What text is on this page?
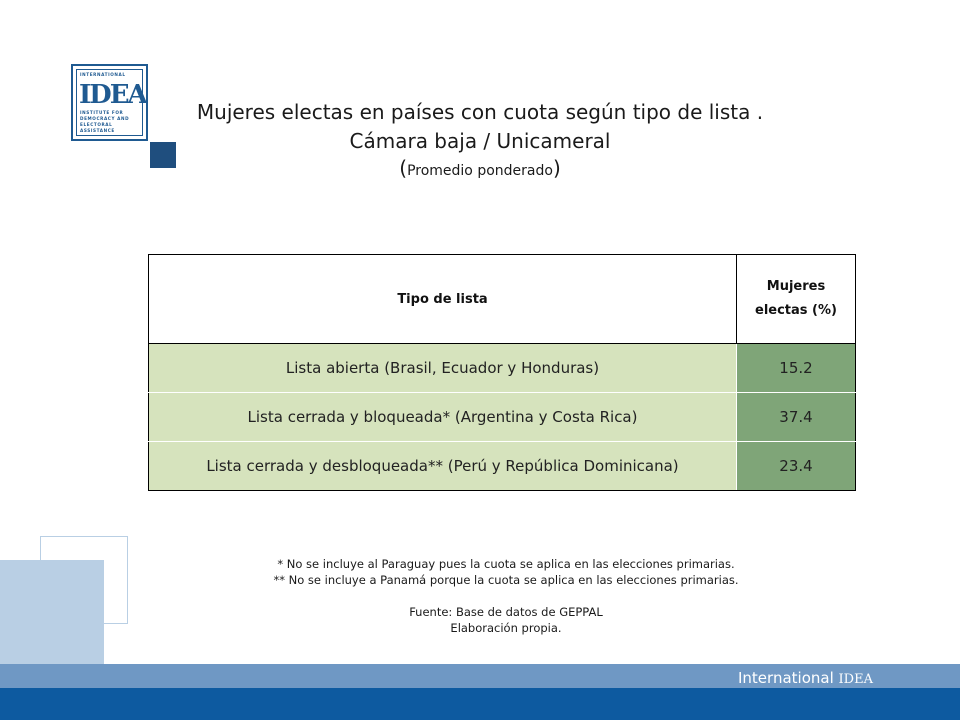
INTERNATIONAL
IDEA
INSTITUTE FOR
DEMOCRACY AND
ELECTORAL
ASSISTANCE
Mujeres electas en países con cuota según tipo de lista .
Cámara baja / Unicameral
(Promedio ponderado)
Tipo de lista	Mujeres electas (%)
Lista abierta (Brasil, Ecuador y Honduras)	15.2
Lista cerrada y bloqueada* (Argentina y Costa Rica)	37.4
Lista cerrada y desbloqueada** (Perú y República Dominicana)	23.4
* No se incluye al Paraguay pues la cuota se aplica en las elecciones primarias.
** No se incluye a Panamá porque la cuota se aplica en las elecciones primarias.
Fuente: Base de datos de GEPPAL
Elaboración propia.
International IDEA
